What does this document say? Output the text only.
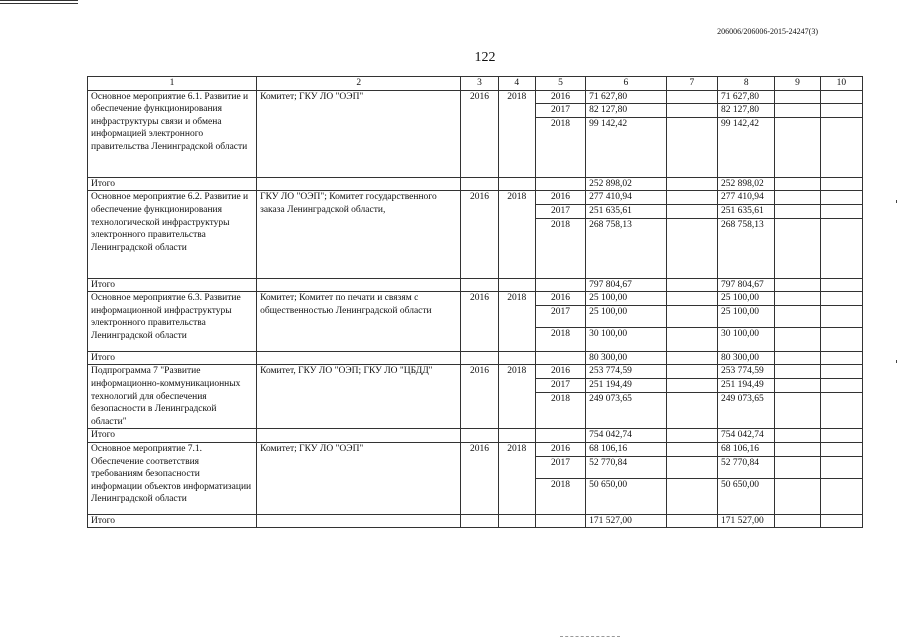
206006/206006-2015-24247(3)
122
1	2	3	4	5	6	7	8	9	10
Основное мероприятие 6.1. Развитие и обеспечение функционирования инфраструктуры связи и обмена информацией электронного правительства Ленинградской области	Комитет; ГКУ ЛО "ОЭП"	2016	2018	2016	71 627,80		71 627,80		
				2017	82 127,80		82 127,80		
				2018	99 142,42		99 142,42		
Итого					252 898,02		252 898,02		
Основное мероприятие 6.2. Развитие и обеспечение функционирования технологической инфраструктуры электронного правительства Ленинградской области	ГКУ ЛО "ОЭП"; Комитет государственного заказа Ленинградской области,	2016	2018	2016	277 410,94		277 410,94		
				2017	251 635,61		251 635,61		
				2018	268 758,13		268 758,13		
Итого					797 804,67		797 804,67		
Основное мероприятие 6.3. Развитие информационной инфраструктуры электронного правительства Ленинградской области	Комитет; Комитет по печати и связям с общественностью Ленинградской области	2016	2018	2016	25 100,00		25 100,00		
				2017	25 100,00		25 100,00		
				2018	30 100,00		30 100,00		
Итого					80 300,00		80 300,00		
Подпрограмма 7 "Развитие информационно-коммуникационных технологий для обеспечения безопасности в Ленинградской области"	Комитет, ГКУ ЛО "ОЭП; ГКУ ЛО "ЦБДД"	2016	2018	2016	253 774,59		253 774,59		
				2017	251 194,49		251 194,49		
				2018	249 073,65		249 073,65		
Итого					754 042,74		754 042,74		
Основное мероприятие 7.1. Обеспечение соответствия требованиям безопасности информации объектов информатизации Ленинградской области	Комитет; ГКУ ЛО "ОЭП"	2016	2018	2016	68 106,16		68 106,16		
				2017	52 770,84		52 770,84		
				2018	50 650,00		50 650,00		
Итого					171 527,00		171 527,00		
